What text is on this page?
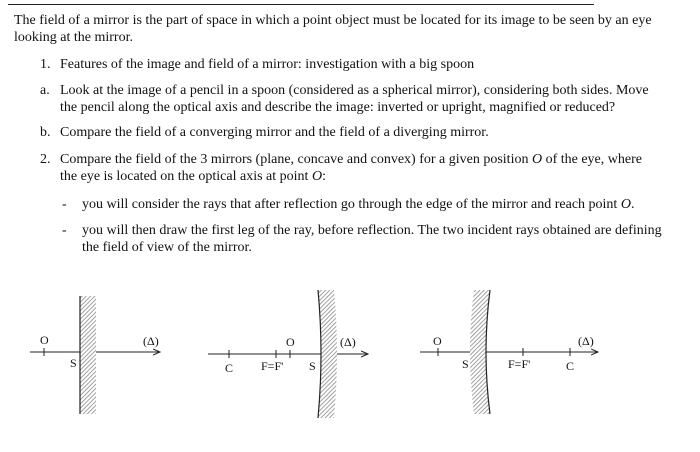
The field of a mirror is the part of space in which a point object must be located for its image to be seen by an eye
looking at the mirror.
1. Features of the image and field of a mirror: investigation with a big spoon
a. Look at the image of a pencil in a spoon (considered as a spherical mirror), considering both sides. Move
the pencil along the optical axis and describe the image: inverted or upright, magnified or reduced?
b. Compare the field of a converging mirror and the field of a diverging mirror.
2. Compare the field of the 3 mirrors (plane, concave and convex) for a given position O of the eye, where
the eye is located on the optical axis at point O:
- you will consider the rays that after reflection go through the edge of the mirror and reach point O.
- you will then draw the first leg of the ray, before reflection. The two incident rays obtained are defining
the field of view of the mirror.
O
S
(Δ)
C F=F'
O
S
(Δ)	O
S	F=F'	C
(Δ)
